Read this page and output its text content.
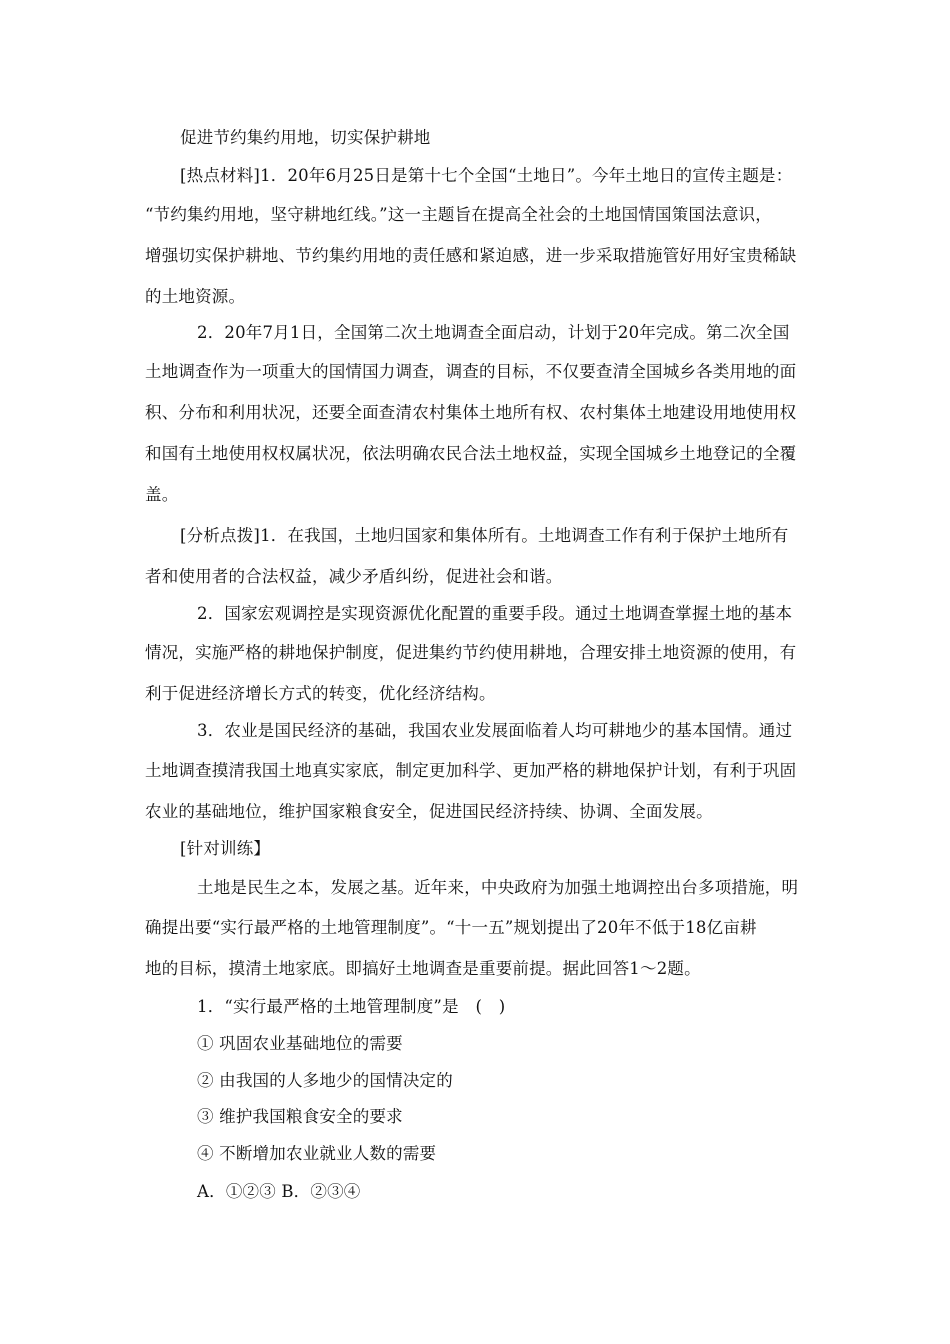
促进节约集约用地，切实保护耕地
[热点材料]1．20年6月25日是第十七个全国“土地日”。今年土地日的宣传主题是：
“节约集约用地，坚守耕地红线。”这一主题旨在提高全社会的土地国情国策国法意识，
增强切实保护耕地、节约集约用地的责任感和紧迫感，进一步采取措施管好用好宝贵稀缺
的土地资源。
2．20年7月1日，全国第二次土地调查全面启动，计划于20年完成。第二次全国
土地调查作为一项重大的国情国力调查，调查的目标，不仅要查清全国城乡各类用地的面
积、分布和利用状况，还要全面查清农村集体土地所有权、农村集体土地建设用地使用权
和国有土地使用权权属状况，依法明确农民合法土地权益，实现全国城乡土地登记的全覆
盖。
[分析点拨]1．在我国，土地归国家和集体所有。土地调查工作有利于保护土地所有
者和使用者的合法权益，减少矛盾纠纷，促进社会和谐。
2．国家宏观调控是实现资源优化配置的重要手段。通过土地调查掌握土地的基本
情况，实施严格的耕地保护制度，促进集约节约使用耕地，合理安排土地资源的使用，有
利于促进经济增长方式的转变，优化经济结构。
3．农业是国民经济的基础，我国农业发展面临着人均可耕地少的基本国情。通过
土地调查摸清我国土地真实家底，制定更加科学、更加严格的耕地保护计划，有利于巩固
农业的基础地位，维护国家粮食安全，促进国民经济持续、协调、全面发展。
[针对训练】
土地是民生之本，发展之基。近年来，中央政府为加强土地调控出台多项措施，明
确提出要“实行最严格的土地管理制度”。“十一五”规划提出了20年不低于18亿亩耕
地的目标，摸清土地家底。即搞好土地调查是重要前提。据此回答1～2题。
1．“实行最严格的土地管理制度”是　(　)
① 巩固农业基础地位的需要
② 由我国的人多地少的国情决定的
③ 维护我国粮食安全的要求
④ 不断增加农业就业人数的需要
A．①②③ B．②③④
